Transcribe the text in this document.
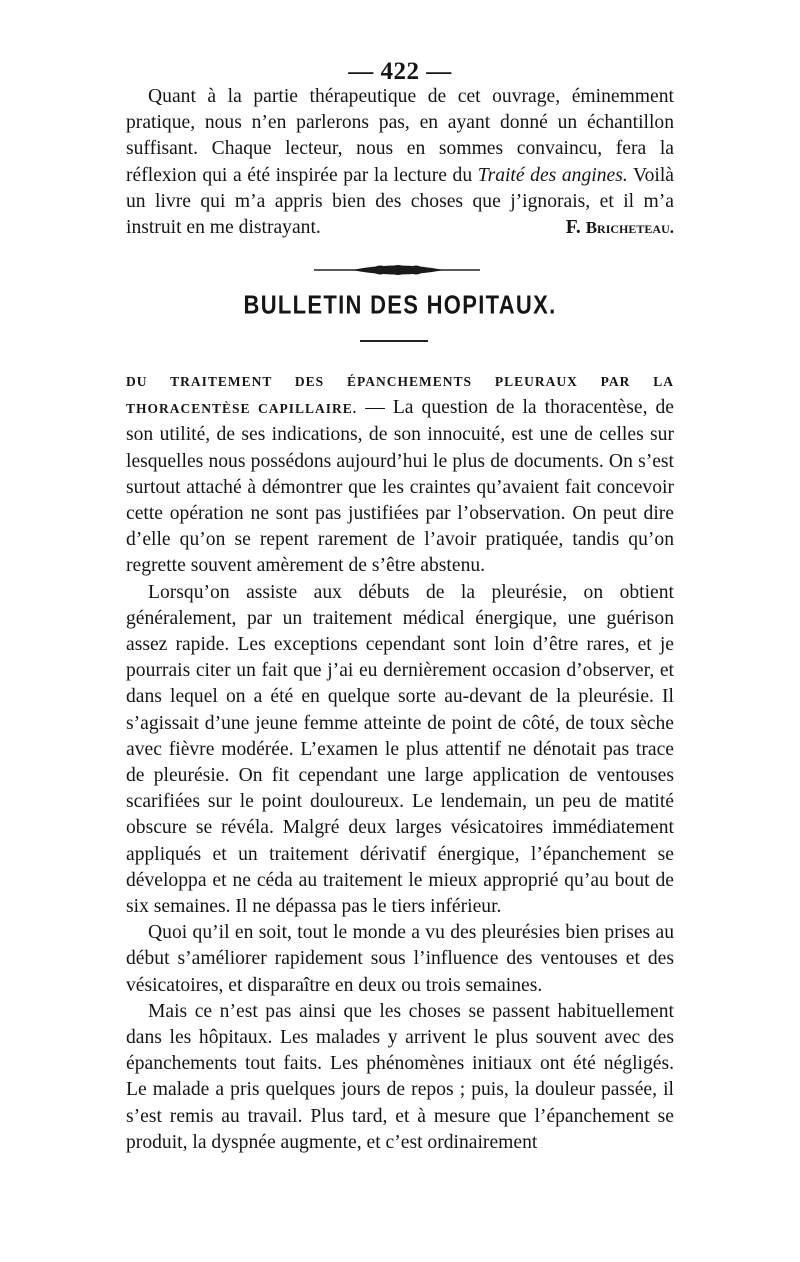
— 422 —

Quant à la partie thérapeutique de cet ouvrage, éminemment pratique, nous n’en parlerons pas, en ayant donné un échantillon suffisant. Chaque lecteur, nous en sommes convaincu, fera la réflexion qui a été inspirée par la lecture du Traité des angines. Voilà un livre qui m’a appris bien des choses que j’ignorais, et il m’a instruit en me distrayant.	F. Bricheteau.

BULLETIN DES HOPITAUX.

DU TRAITEMENT DES ÉPANCHEMENTS PLEURAUX PAR LA THORACENTÈSE CAPILLAIRE. — La question de la thoracentèse, de son utilité, de ses indications, de son innocuité, est une de celles sur lesquelles nous possédons aujourd’hui le plus de documents. On s’est surtout attaché à démontrer que les craintes qu’avaient fait concevoir cette opération ne sont pas justifiées par l’observation. On peut dire d’elle qu’on se repent rarement de l’avoir pratiquée, tandis qu’on regrette souvent amèrement de s’être abstenu.

Lorsqu’on assiste aux débuts de la pleurésie, on obtient généralement, par un traitement médical énergique, une guérison assez rapide. Les exceptions cependant sont loin d’être rares, et je pourrais citer un fait que j’ai eu dernièrement occasion d’observer, et dans lequel on a été en quelque sorte au-devant de la pleurésie. Il s’agissait d’une jeune femme atteinte de point de côté, de toux sèche avec fièvre modérée. L’examen le plus attentif ne dénotait pas trace de pleurésie. On fit cependant une large application de ventouses scarifiées sur le point douloureux. Le lendemain, un peu de matité obscure se révéla. Malgré deux larges vésicatoires immédiatement appliqués et un traitement dérivatif énergique, l’épanchement se développa et ne céda au traitement le mieux approprié qu’au bout de six semaines. Il ne dépassa pas le tiers inférieur.

Quoi qu’il en soit, tout le monde a vu des pleurésies bien prises au début s’améliorer rapidement sous l’influence des ventouses et des vésicatoires, et disparaître en deux ou trois semaines.

Mais ce n’est pas ainsi que les choses se passent habituellement dans les hôpitaux. Les malades y arrivent le plus souvent avec des épanchements tout faits. Les phénomènes initiaux ont été négligés. Le malade a pris quelques jours de repos ; puis, la douleur passée, il s’est remis au travail. Plus tard, et à mesure que l’épanchement se produit, la dyspnée augmente, et c’est ordinairement
